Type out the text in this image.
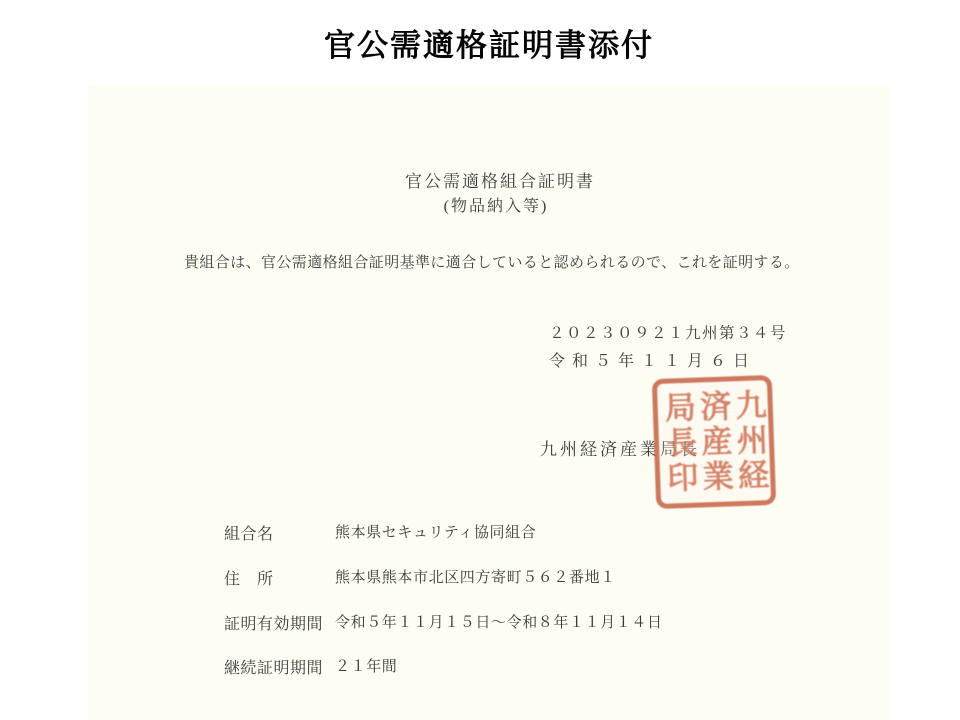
官公需適格証明書添付
官公需適格組合証明書
(物品納入等)
貴組合は、官公需適格組合証明基準に適合していると認められるので、これを証明する。
２０２３０９２１九州第３４号
令和５年１１月６日
九州経済産業局長 九州経
済産業
局長印
組合名	熊本県セキュリティ協同組合
住　所	熊本県熊本市北区四方寄町５６２番地１
証明有効期間 令和５年１１月１５日～令和８年１１月１４日
継続証明期間 ２１年間
